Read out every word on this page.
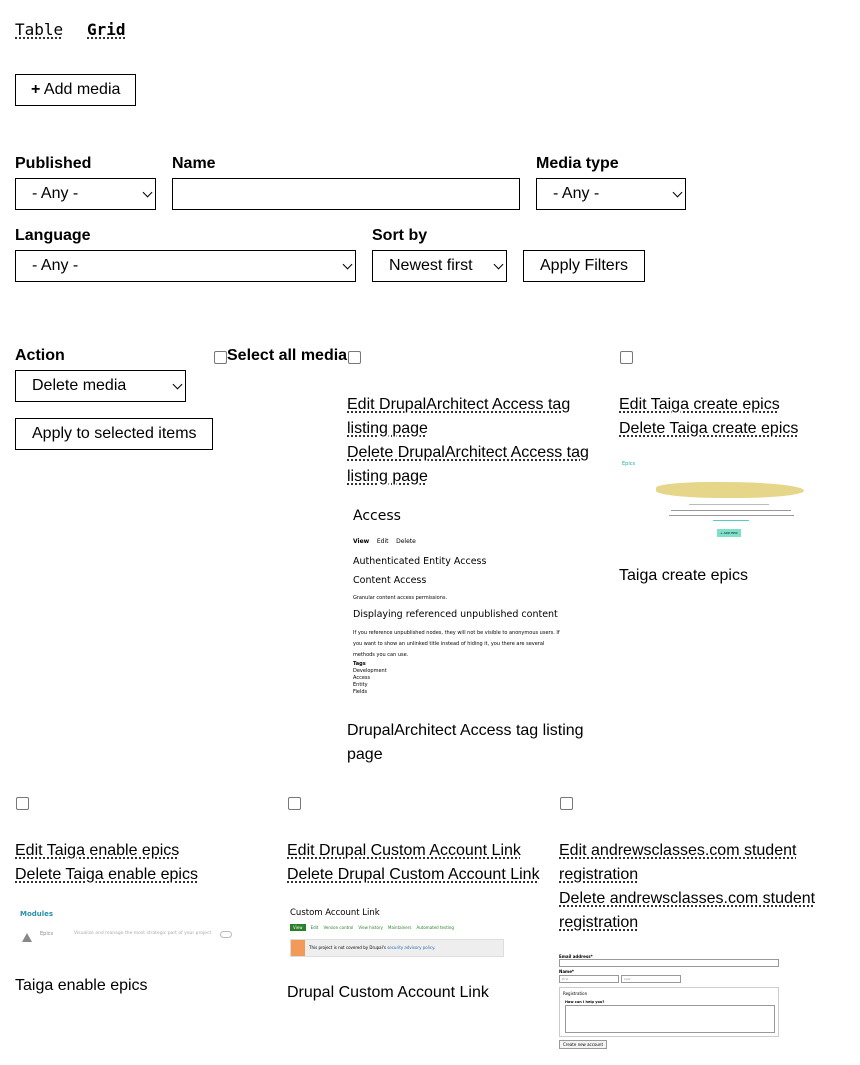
Table Grid
+ Add media
Published
- Any -
Name	Media type
- Any -
Language
- Any -
Sort by
Newest first	Apply Filters
Action
Delete media
Apply to selected items
Select all media
Edit DrupalArchitect Access tag listing page
Delete DrupalArchitect Access tag listing page
Access
View Edit Delete
Authenticated Entity Access
Content Access
Granular content access permissions.
Displaying referenced unpublished content
If you reference unpublished nodes, they will not be visible to anonymous users. If
you want to show an unlinked title instead of hiding it, you there are several
methods you can use.
Tags
Development
Access
Entity
Fields
DrupalArchitect Access tag listing page
Edit Taiga create epics
Delete Taiga create epics
Epics
+ ADD EPIC
Taiga create epics
Edit Taiga enable epics
Delete Taiga enable epics
Modules
Epics	Visualize and manage the most strategic part of your project
Taiga enable epics
Edit Drupal Custom Account Link
Delete Drupal Custom Account Link
Custom Account Link
View Edit Version control View history Maintainers Automated testing
This project is not covered by Drupal's security advisory policy.
Drupal Custom Account Link
Edit andrewsclasses.com student registration
Delete andrewsclasses.com student registration
Email address*
Name*
First	Last
Registration
How can I help you?
Create new account
